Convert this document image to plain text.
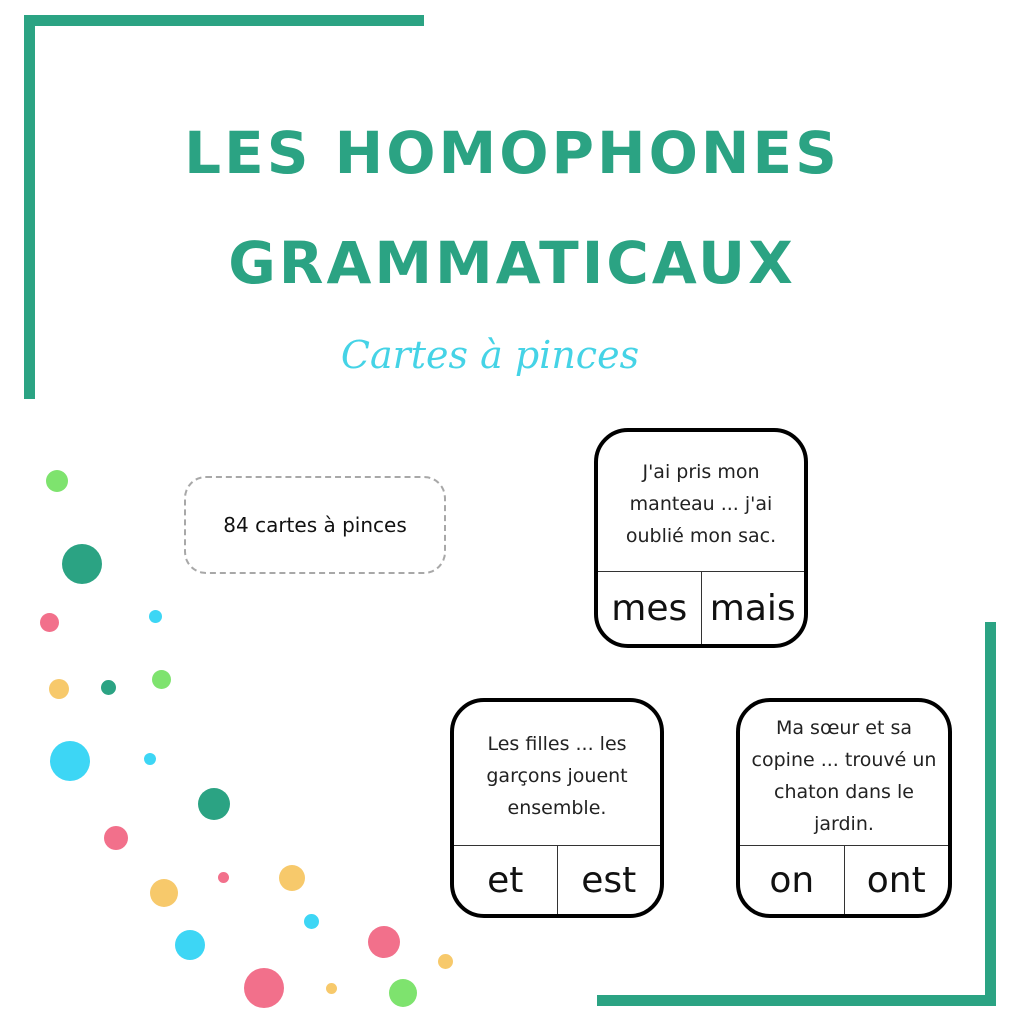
LES HOMOPHONES
GRAMMATICAUX
Cartes à pinces
84 cartes à pinces
J'ai pris mon manteau ... j'ai oublié mon sac.
mes mais
Les filles ... les garçons jouent ensemble.
et	est
Ma sœur et sa copine ... trouvé un chaton dans le jardin.
on	ont
